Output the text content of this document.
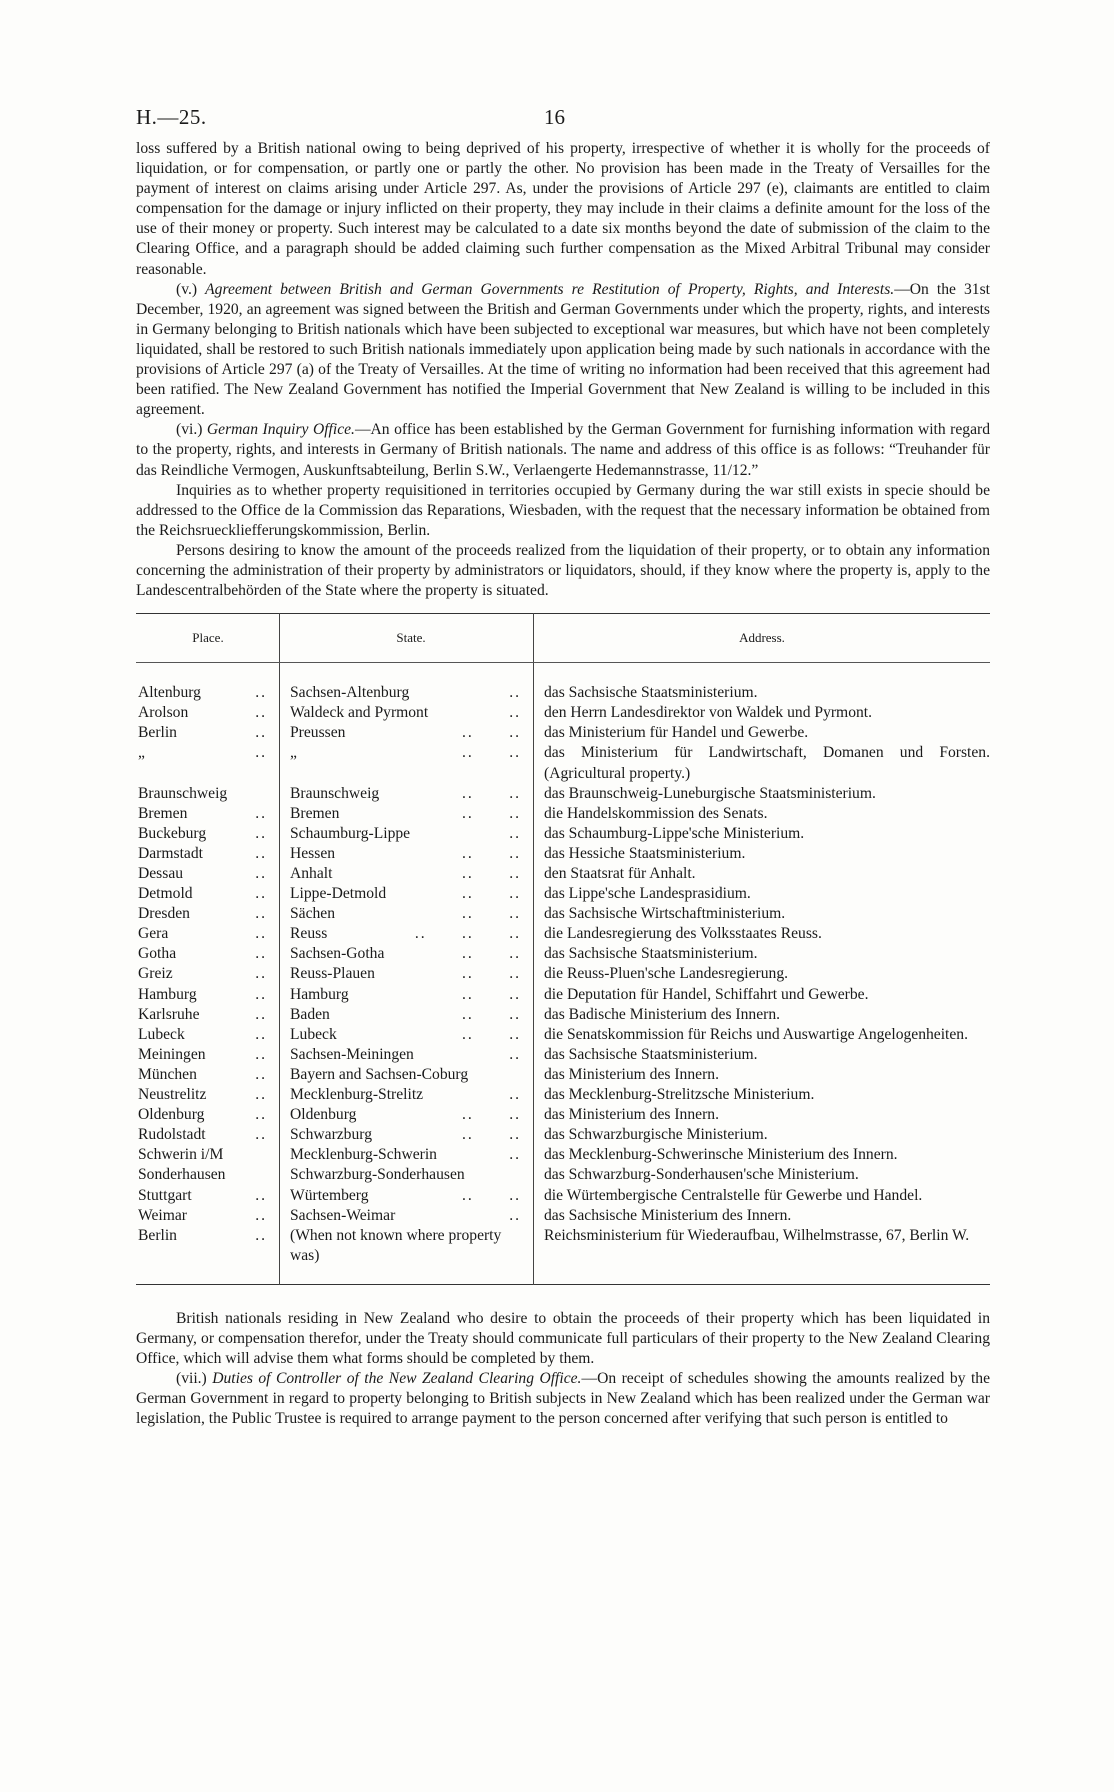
H.—25.	16

loss suffered by a British national owing to being deprived of his property, irrespective of whether it is wholly for the proceeds of liquidation, or for compensation, or partly one or partly the other. No provision has been made in the Treaty of Versailles for the payment of interest on claims arising under Article 297. As, under the provisions of Article 297 (e), claimants are entitled to claim compensation for the damage or injury inflicted on their property, they may include in their claims a definite amount for the loss of the use of their money or property. Such interest may be calculated to a date six months beyond the date of submission of the claim to the Clearing Office, and a paragraph should be added claiming such further compensation as the Mixed Arbitral Tribunal may consider reasonable.

(v.) Agreement between British and German Governments re Restitution of Property, Rights, and Interests.—On the 31st December, 1920, an agreement was signed between the British and German Governments under which the property, rights, and interests in Germany belonging to British nationals which have been subjected to exceptional war measures, but which have not been completely liquidated, shall be restored to such British nationals immediately upon application being made by such nationals in accordance with the provisions of Article 297 (a) of the Treaty of Versailles. At the time of writing no information had been received that this agreement had been ratified. The New Zealand Government has notified the Imperial Government that New Zealand is willing to be included in this agreement.

(vi.) German Inquiry Office.—An office has been established by the German Government for furnishing information with regard to the property, rights, and interests in Germany of British nationals. The name and address of this office is as follows: “Treuhander für das Reindliche Vermogen, Auskunftsabteilung, Berlin S.W., Verlaengerte Hedemannstrasse, 11/12.”

Inquiries as to whether property requisitioned in territories occupied by Germany during the war still exists in specie should be addressed to the Office de la Commission das Reparations, Wiesbaden, with the request that the necessary information be obtained from the Reichsrueckliefferungskommission, Berlin.

Persons desiring to know the amount of the proceeds realized from the liquidation of their property, or to obtain any information concerning the administration of their property by administrators or liquidators, should, if they know where the property is, apply to the Landescentralbehörden of the State where the property is situated.

Place.	State.	Address.

Altenburg ..	Sachsen-Altenburg ..	das Sachsische Staatsministerium.

Arolson ..	Waldeck and Pyrmont ..	den Herrn Landesdirektor von Waldek und Pyrmont.

Berlin ..	Preussen ..      ..	das Ministerium für Handel und Gewerbe.

„ ..	„ ..      ..	das Ministerium für Landwirtschaft, Domanen und Forsten. (Agricultural property.)

Braunschweig	Braunschweig ..      ..	das Braunschweig-Luneburgische Staatsministerium.

Bremen ..	Bremen ..      ..	die Handelskommission des Senats.

Buckeburg ..	Schaumburg-Lippe ..	das Schaumburg-Lippe'sche Ministerium.

Darmstadt ..	Hessen ..      ..	das Hessiche Staatsministerium.

Dessau ..	Anhalt ..      ..	den Staatsrat für Anhalt.

Detmold ..	Lippe-Detmold ..      ..	das Lippe'sche Landesprasidium.

Dresden ..	Sächen ..      ..	das Sachsische Wirtschaftministerium.

Gera ..	Reuss ..      ..      ..	die Landesregierung des Volksstaates Reuss.

Gotha ..	Sachsen-Gotha ..      ..	das Sachsische Staatsministerium.

Greiz ..	Reuss-Plauen ..      ..	die Reuss-Pluen'sche Landesregierung.

Hamburg ..	Hamburg ..      ..	die Deputation für Handel, Schiffahrt und Gewerbe.

Karlsruhe ..	Baden ..      ..	das Badische Ministerium des Innern.

Lubeck ..	Lubeck ..      ..	die Senatskommission für Reichs und Auswartige Angelogenheiten.

Meiningen ..	Sachsen-Meiningen ..	das Sachsische Staatsministerium.

München ..	Bayern and Sachsen-Coburg	das Ministerium des Innern.

Neustrelitz ..	Mecklenburg-Strelitz ..	das Mecklenburg-Strelitzsche Ministerium.

Oldenburg ..	Oldenburg ..      ..	das Ministerium des Innern.

Rudolstadt ..	Schwarzburg ..      ..	das Schwarzburgische Ministerium.

Schwerin i/M	Mecklenburg-Schwerin ..	das Mecklenburg-Schwerinsche Ministerium des Innern.

Sonderhausen	Schwarzburg-Sonderhausen	das Schwarzburg-Sonderhausen'sche Ministerium.

Stuttgart ..	Würtemberg ..      ..	die Würtembergische Centralstelle für Gewerbe und Handel.

Weimar ..	Sachsen-Weimar ..	das Sachsische Ministerium des Innern.

Berlin ..	(When not known where property was)	Reichsministerium für Wiederaufbau, Wilhelmstrasse, 67, Berlin W.

British nationals residing in New Zealand who desire to obtain the proceeds of their property which has been liquidated in Germany, or compensation therefor, under the Treaty should communicate full particulars of their property to the New Zealand Clearing Office, which will advise them what forms should be completed by them.

(vii.) Duties of Controller of the New Zealand Clearing Office.—On receipt of schedules showing the amounts realized by the German Government in regard to property belonging to British subjects in New Zealand which has been realized under the German war legislation, the Public Trustee is required to arrange payment to the person concerned after verifying that such person is entitled to
